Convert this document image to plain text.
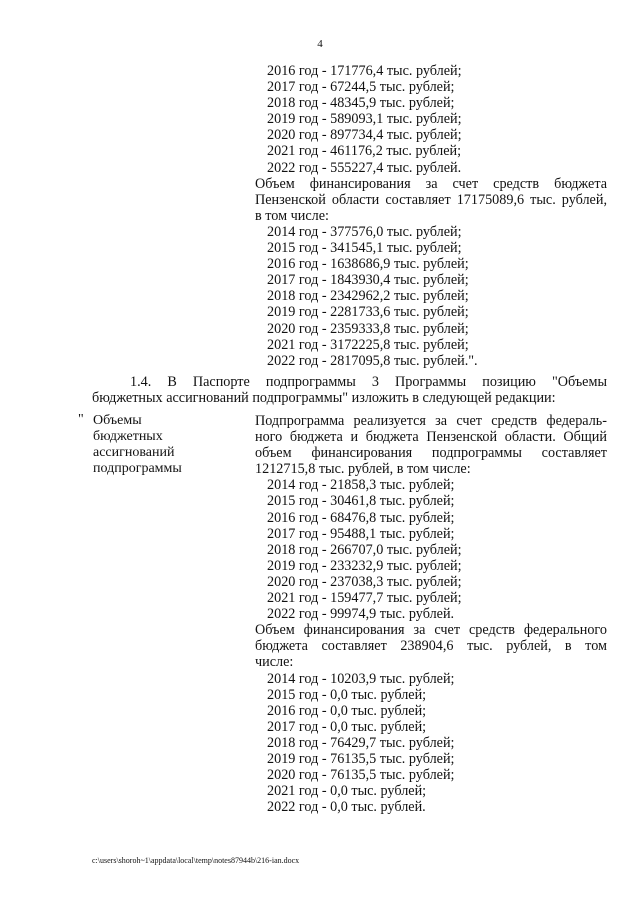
4
2016 год - 171776,4 тыс. рублей;
2017 год - 67244,5 тыс. рублей;
2018 год - 48345,9 тыс. рублей;
2019 год - 589093,1 тыс. рублей;
2020 год - 897734,4 тыс. рублей;
2021 год - 461176,2 тыс. рублей;
2022 год - 555227,4 тыс. рублей.
Объем финансирования за счет средств бюджета
Пензенской области составляет 17175089,6 тыс. рублей,
в том числе:
2014 год - 377576,0 тыс. рублей;
2015 год - 341545,1 тыс. рублей;
2016 год - 1638686,9 тыс. рублей;
2017 год - 1843930,4 тыс. рублей;
2018 год - 2342962,2 тыс. рублей;
2019 год - 2281733,6 тыс. рублей;
2020 год - 2359333,8 тыс. рублей;
2021 год - 3172225,8 тыс. рублей;
2022 год - 2817095,8 тыс. рублей.".
1.4. В Паспорте подпрограммы 3 Программы позицию "Объемы
бюджетных ассигнований подпрограммы" изложить в следующей редакции:
" Объемы
бюджетных
ассигнований
подпрограммы
Подпрограмма реализуется за счет средств федераль-
ного бюджета и бюджета Пензенской области. Общий
объем финансирования подпрограммы составляет
1212715,8 тыс. рублей, в том числе:
2014 год - 21858,3 тыс. рублей;
2015 год - 30461,8 тыс. рублей;
2016 год - 68476,8 тыс. рублей;
2017 год - 95488,1 тыс. рублей;
2018 год - 266707,0 тыс. рублей;
2019 год - 233232,9 тыс. рублей;
2020 год - 237038,3 тыс. рублей;
2021 год - 159477,7 тыс. рублей;
2022 год - 99974,9 тыс. рублей.
Объем финансирования за счет средств федерального
бюджета составляет 238904,6 тыс. рублей, в том
числе:
2014 год - 10203,9 тыс. рублей;
2015 год - 0,0 тыс. рублей;
2016 год - 0,0 тыс. рублей;
2017 год - 0,0 тыс. рублей;
2018 год - 76429,7 тыс. рублей;
2019 год - 76135,5 тыс. рублей;
2020 год - 76135,5 тыс. рублей;
2021 год - 0,0 тыс. рублей;
2022 год - 0,0 тыс. рублей.
c:\users\shoroh~1\appdata\local\temp\notes87944b\216-ian.docx
